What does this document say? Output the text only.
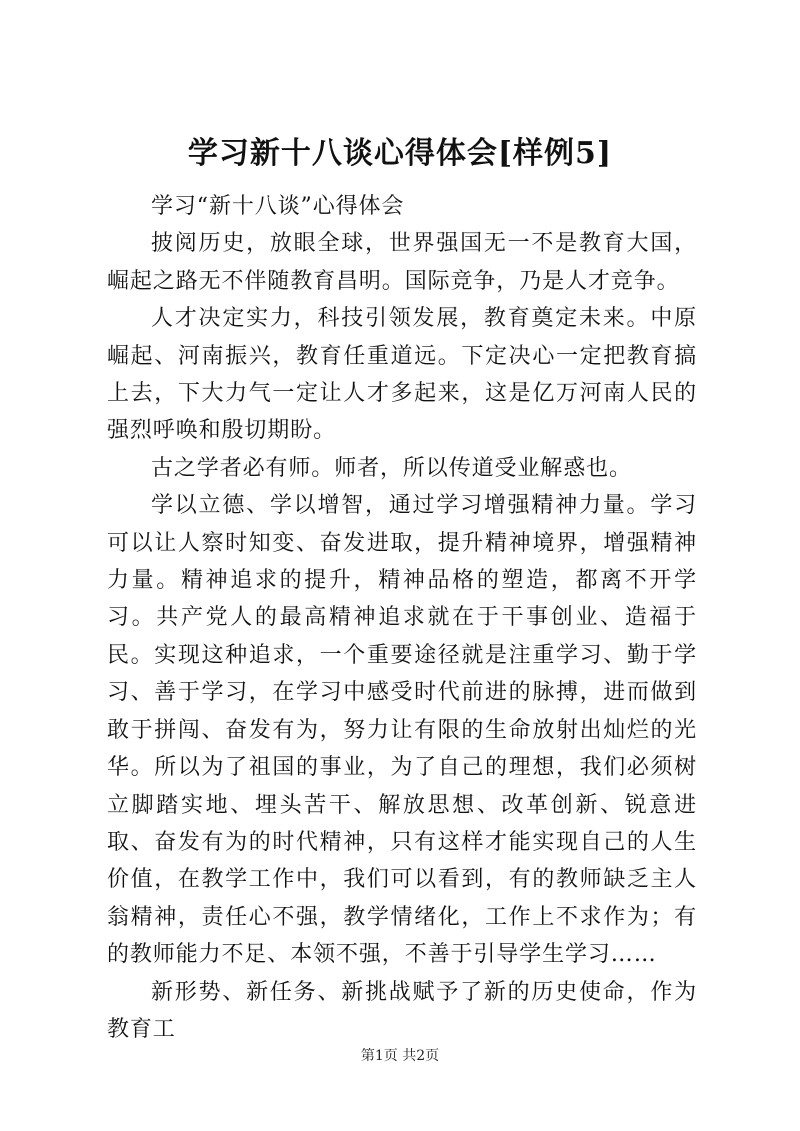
学习新十八谈心得体会[样例5]

学习“新十八谈”心得体会

披阅历史，放眼全球，世界强国无一不是教育大国，崛起之路无不伴随教育昌明。国际竞争，乃是人才竞争。

人才决定实力，科技引领发展，教育奠定未来。中原崛起、河南振兴，教育任重道远。下定决心一定把教育搞上去，下大力气一定让人才多起来，这是亿万河南人民的强烈呼唤和殷切期盼。

古之学者必有师。师者，所以传道受业解惑也。

学以立德、学以增智，通过学习增强精神力量。学习可以让人察时知变、奋发进取，提升精神境界，增强精神力量。精神追求的提升，精神品格的塑造，都离不开学习。共产党人的最高精神追求就在于干事创业、造福于民。实现这种追求，一个重要途径就是注重学习、勤于学习、善于学习，在学习中感受时代前进的脉搏，进而做到敢于拼闯、奋发有为，努力让有限的生命放射出灿烂的光华。所以为了祖国的事业，为了自己的理想，我们必须树立脚踏实地、埋头苦干、解放思想、改革创新、锐意进取、奋发有为的时代精神，只有这样才能实现自己的人生价值，在教学工作中，我们可以看到，有的教师缺乏主人翁精神，责任心不强，教学情绪化，工作上不求作为；有的教师能力不足、本领不强，不善于引导学生学习……

新形势、新任务、新挑战赋予了新的历史使命，作为教育工

第1页 共2页
